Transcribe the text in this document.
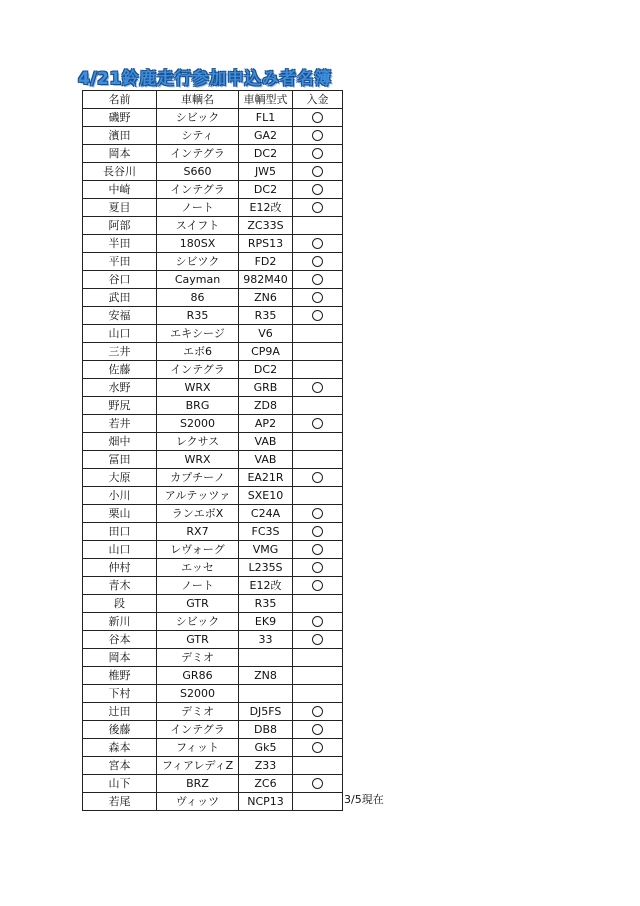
4/21鈴鹿走行参加申込み者名簿
名前	車輌名	車輌型式	入金
磯野	シビック	FL1	
濱田	シティ	GA2	
岡本	インテグラ	DC2	
長谷川	S660	JW5	
中崎	インテグラ	DC2	
夏目	ノート	E12改	
阿部	スイフト	ZC33S	
半田	180SX	RPS13	
平田	シビツク	FD2	
谷口	Cayman	982M40	
武田	86	ZN6	
安福	R35	R35	
山口	エキシージ	V6	
三井	エボ6	CP9A	
佐藤	インテグラ	DC2	
水野	WRX	GRB	
野尻	BRG	ZD8	
若井	S2000	AP2	
畑中	レクサス	VAB	
冨田	WRX	VAB	
大原	カプチーノ	EA21R	
小川	アルテッツァ	SXE10	
栗山	ランエボX	C24A	
田口	RX7	FC3S	
山口	レヴォーグ	VMG	
仲村	エッセ	L235S	
青木	ノート	E12改	
段	GTR	R35	
新川	シビック	EK9	
谷本	GTR	33	
岡本	デミオ		
椎野	GR86	ZN8	
下村	S2000		
辻田	デミオ	DJ5FS	
後藤	インテグラ	DB8	
森本	フィット	Gk5	
宮本	フィアレディZ	Z33	
山下	BRZ	ZC6	
若尾	ヴィッツ	NCP13		3/5現在
